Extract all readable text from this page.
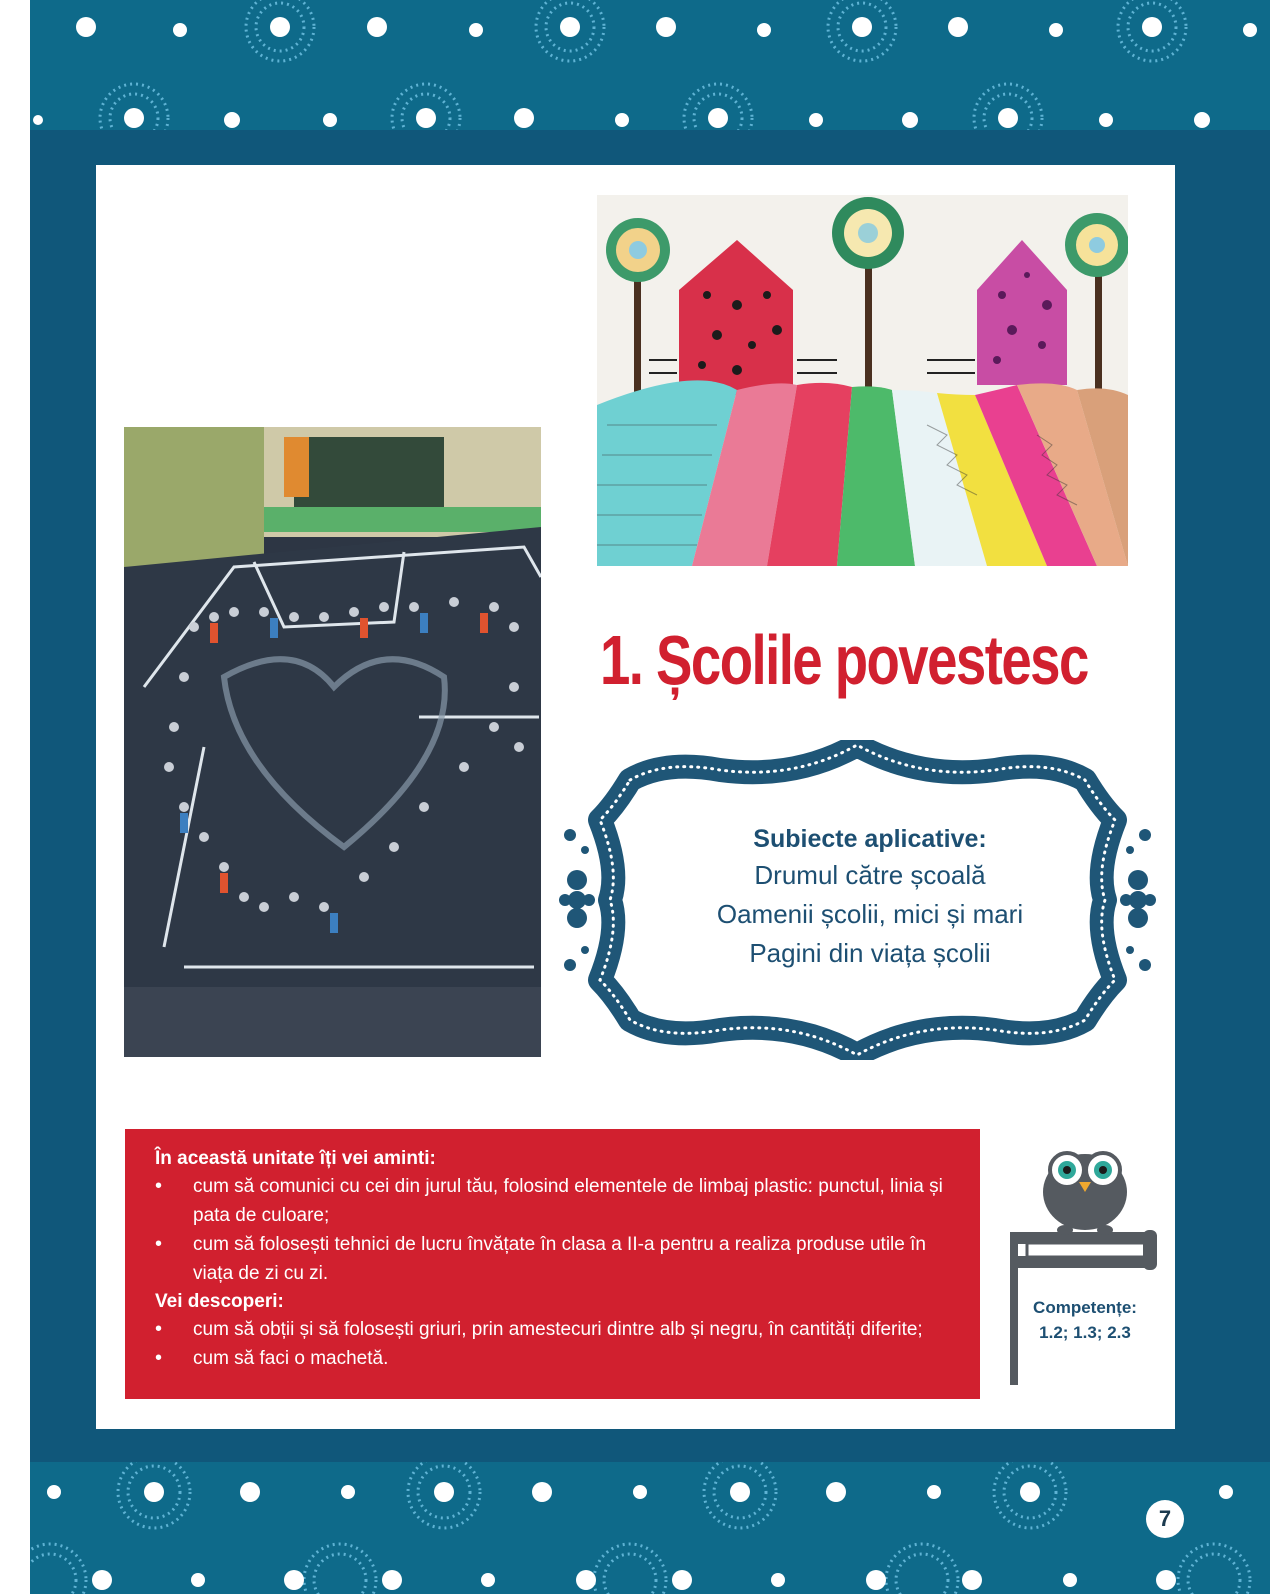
1. Școlile povestesc
Subiecte aplicative:
Drumul către școală
Oamenii școlii, mici și mari
Pagini din viața școlii
În această unitate îți vei aminti:
• cum să comunici cu cei din jurul tău, folosind elementele de limbaj plastic: punctul, linia și pata de culoare;
• cum să folosești tehnici de lucru învățate în clasa a II-a pentru a realiza produse utile în viața de zi cu zi.
Vei descoperi:
• cum să obții și să folosești griuri, prin amestecuri dintre alb și negru, în cantități diferite;
• cum să faci o machetă.
Competențe:
1.2; 1.3; 2.3
7
